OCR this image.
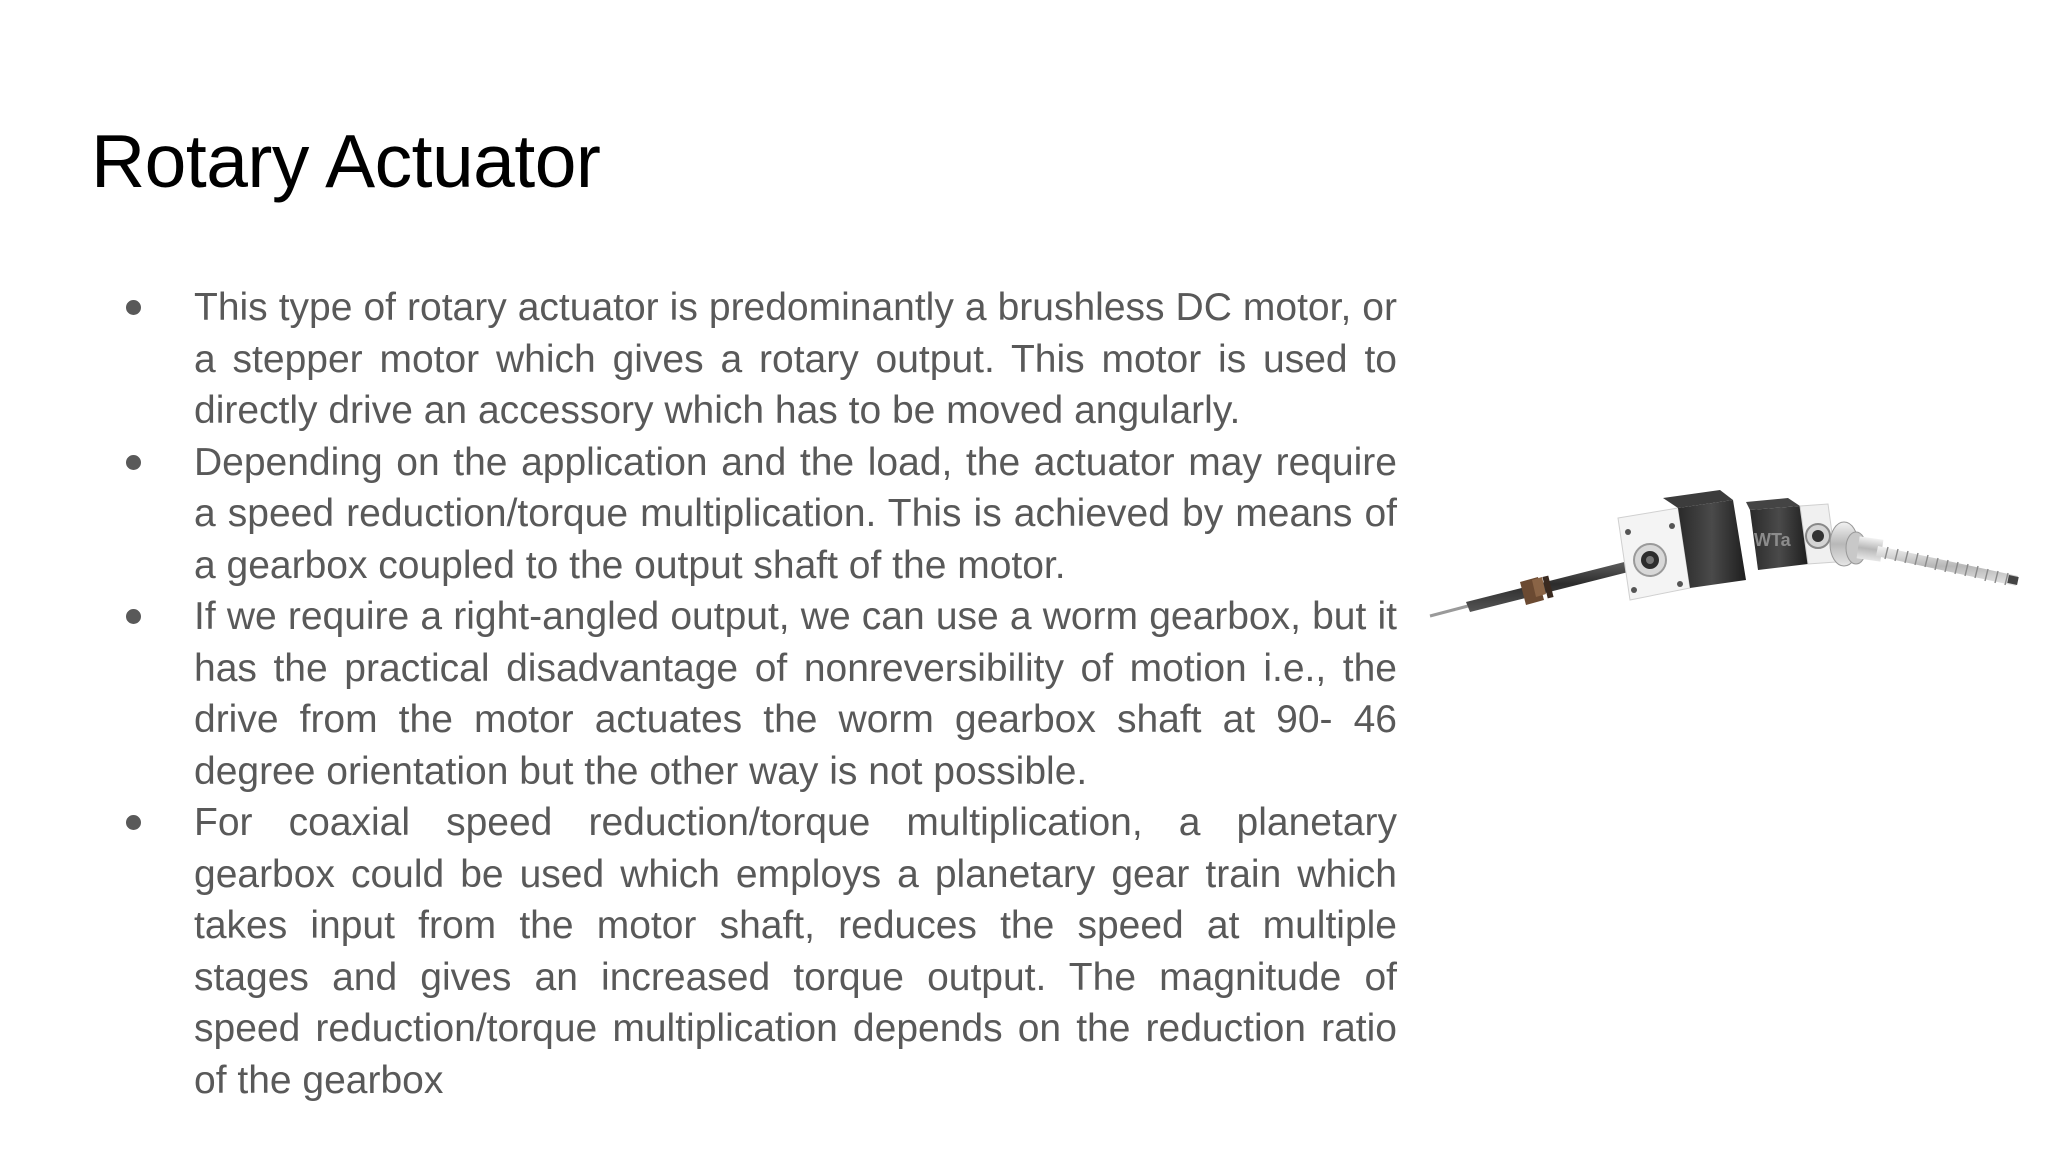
Rotary Actuator
This type of rotary actuator is predominantly a brushless DC motor, or a stepper motor which gives a rotary output. This motor is used to directly drive an accessory which has to be moved angularly.
Depending on the application and the load, the actuator may require a speed reduction/torque multiplication. This is achieved by means of a gearbox coupled to the output shaft of the motor.
If we require a right-angled output, we can use a worm gearbox, but it has the practical disadvantage of nonreversibility of motion i.e., the drive from the motor actuates the worm gearbox shaft at 90- 46 degree orientation but the other way is not possible.
For coaxial speed reduction/torque multiplication, a planetary gearbox could be used which employs a planetary gear train which takes input from the motor shaft, reduces the speed at multiple stages and gives an increased torque output. The magnitude of speed reduction/torque multiplication depends on the reduction ratio of the gearbox
WTa
